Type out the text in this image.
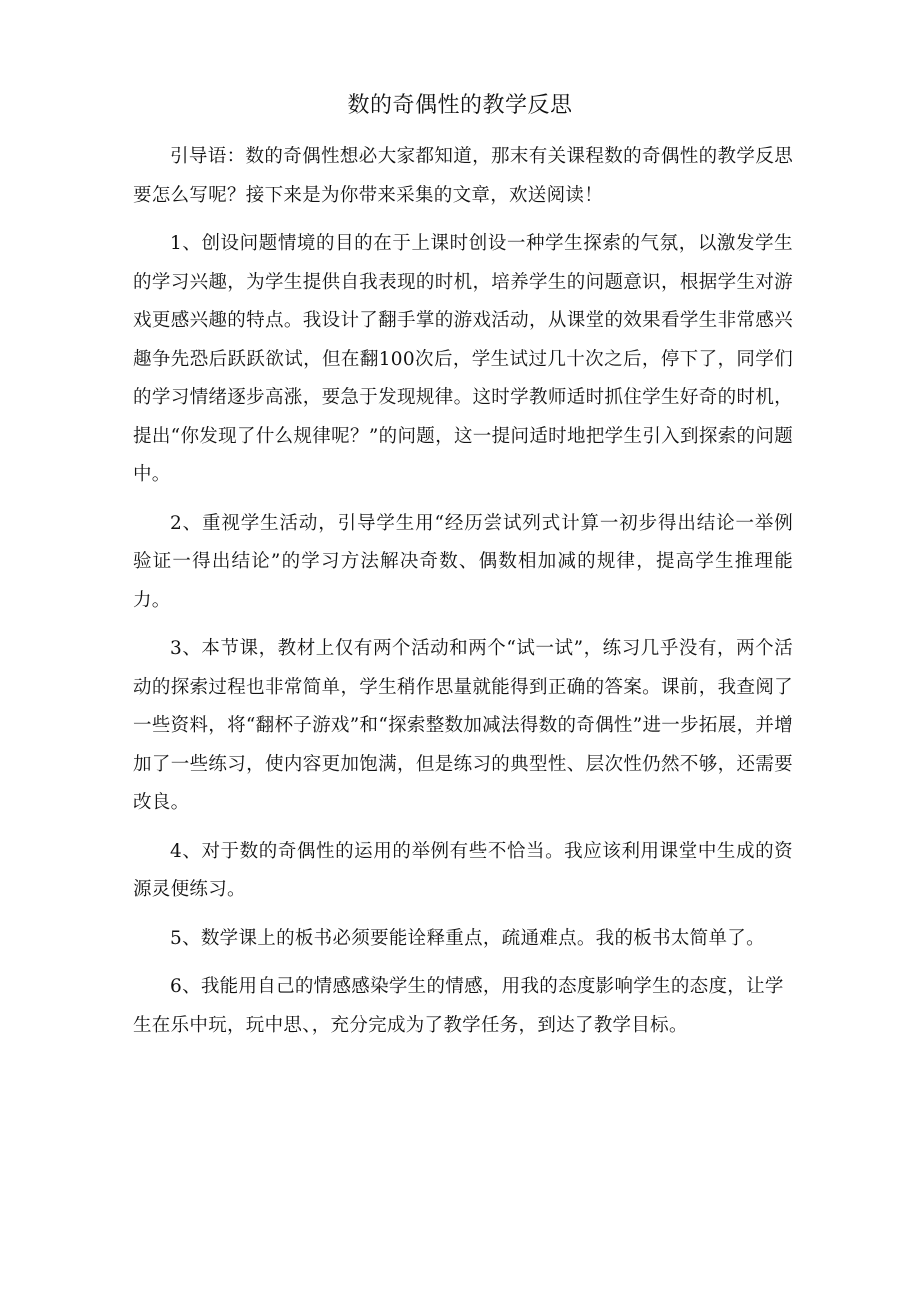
数的奇偶性的教学反思

引导语：数的奇偶性想必大家都知道，那末有关课程数的奇偶性的教学反思要怎么写呢？接下来是为你带来采集的文章，欢送阅读！

1、创设问题情境的目的在于上课时创设一种学生探索的气氛，以激发学生的学习兴趣，为学生提供自我表现的时机，培养学生的问题意识，根据学生对游戏更感兴趣的特点。我设计了翻手掌的游戏活动，从课堂的效果看学生非常感兴趣争先恐后跃跃欲试，但在翻100次后，学生试过几十次之后，停下了，同学们的学习情绪逐步高涨，要急于发现规律。这时学教师适时抓住学生好奇的时机，提出“你发现了什么规律呢？”的问题，这一提问适时地把学生引入到探索的问题中。

2、重视学生活动，引导学生用“经历尝试列式计算一初步得出结论一举例验证一得出结论”的学习方法解决奇数、偶数相加减的规律，提高学生推理能力。

3、本节课，教材上仅有两个活动和两个“试一试”，练习几乎没有，两个活动的探索过程也非常简单，学生稍作思量就能得到正确的答案。课前，我查阅了一些资料，将“翻杯子游戏”和“探索整数加减法得数的奇偶性”进一步拓展，并增加了一些练习，使内容更加饱满，但是练习的典型性、层次性仍然不够，还需要改良。

4、对于数的奇偶性的运用的举例有些不恰当。我应该利用课堂中生成的资源灵便练习。

5、数学课上的板书必须要能诠释重点，疏通难点。我的板书太简单了。

6、我能用自己的情感感染学生的情感，用我的态度影响学生的态度，让学生在乐中玩，玩中思、，充分完成为了教学任务，到达了教学目标。
